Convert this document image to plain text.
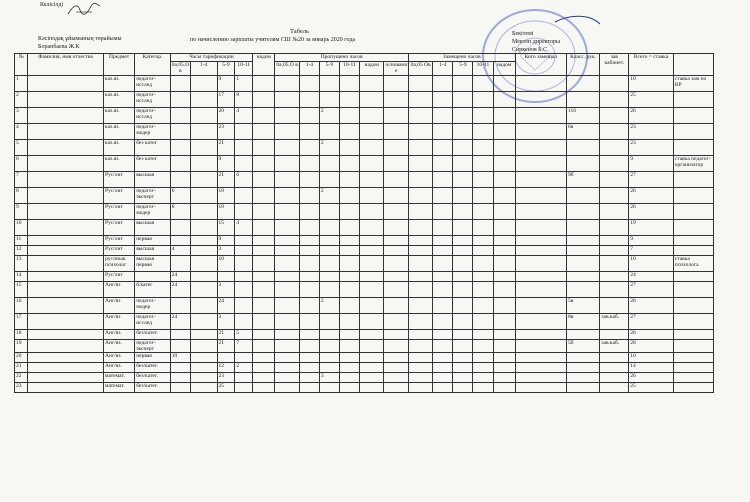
Келісілді
Кәсіподақ ұйымының төрайымы
Боранбаева Ж.К
Табель
по начислению зарплаты учителям СШ №20 за январь 2020 года
Бекітемі
Мектеп директоры
Сиркенов Б.С.
№	Фамилия, имя отчество	Предмет	Категор.	Часы тарификации				надом	Пропущено часов						Замещено часов					Кого замещал	Класс. рук.	зав кабинет.	Всего = ставка	
				0а,05.О в	1-4	5-9	10-11		0а,05.О в	1-4	5-9	10-11	надом	основани е	0а,05 Ов	1-4	5-9	10-11	надом					
1		каз.яз.	педагог-исслед			9	1																10	ставка зам по ВР
2		каз.яз.	педагог-исслед			17	8																25	
3		каз.яз.	педагог-исслед			20	4				2										116		26	
4		каз.яз.	педагог-модер			23															6в		23	
5		каз.яз.	без катег			21					2												23	
6		каз.яз.	без катег			9																	9	ставка педагог-организатор
7		Рус/лит	высшая			21	6														9б		27	
8		Рус/лит	педагог-эксперт	6		18					2												26	
9		Рус/лит	педагог-модер	8		18																	26	
10		Рус/лит	высшая			15	4																19	
11		Рус/лит	первая			9																	9	
12		Рус/лит	высшая	4		3																	7	
13		рус/язык психолог	высшая первая			10																	10	ставка психолога
14		Рус/лит		24																			24	
15		Анг/яз	б/катег	24		3																	27	
16		Анг/яз	педагог-модер			24					2										5в		26	
17		Анг/яз	педагог-исслед	24		3															8в	зав.каб.	27	
18		Анг/яз.	без/катег.			21	5																26	
19		Анг/яз.	педагог-эксперт			21	7														5б	зав.каб.	28	
20		Анг/яз.	первая	10																			10	
21		Анг/яз.	без/катег.			12	2																14	
22		математ.	без/катег.			23					3												26	
23		математ.	без/катег.			25																	25	
